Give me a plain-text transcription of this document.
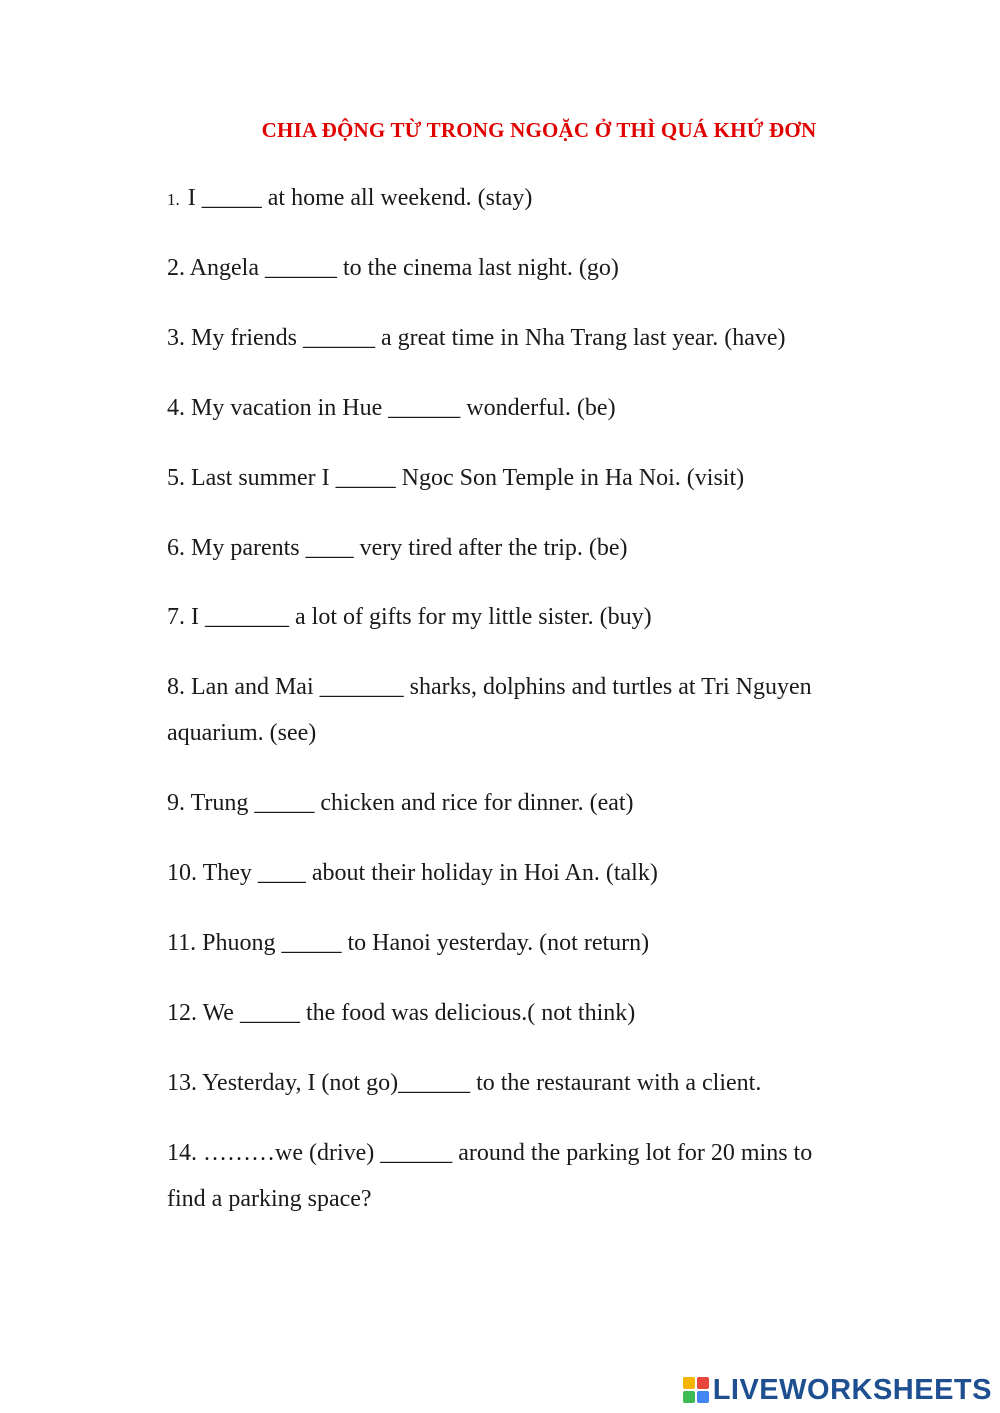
CHIA ĐỘNG TỪ TRONG NGOẶC Ở THÌ QUÁ KHỨ ĐƠN
1. I _____ at home all weekend. (stay)
2. Angela ______ to the cinema last night. (go)
3. My friends ______ a great time in Nha Trang last year. (have)
4. My vacation in Hue ______ wonderful. (be)
5. Last summer I _____ Ngoc Son Temple in Ha Noi. (visit)
6. My parents ____ very tired after the trip. (be)
7. I _______ a lot of gifts for my little sister. (buy)
8. Lan and Mai _______ sharks, dolphins and turtles at Tri Nguyen
aquarium. (see)
9. Trung _____ chicken and rice for dinner. (eat)
10. They ____ about their holiday in Hoi An. (talk)
11. Phuong _____ to Hanoi yesterday. (not return)
12. We _____ the food was delicious.( not think)
13. Yesterday, I (not go)______ to the restaurant with a client.
14. ………we (drive) ______ around the parking lot for 20 mins to
find a parking space?
LIVEWORKSHEETS
